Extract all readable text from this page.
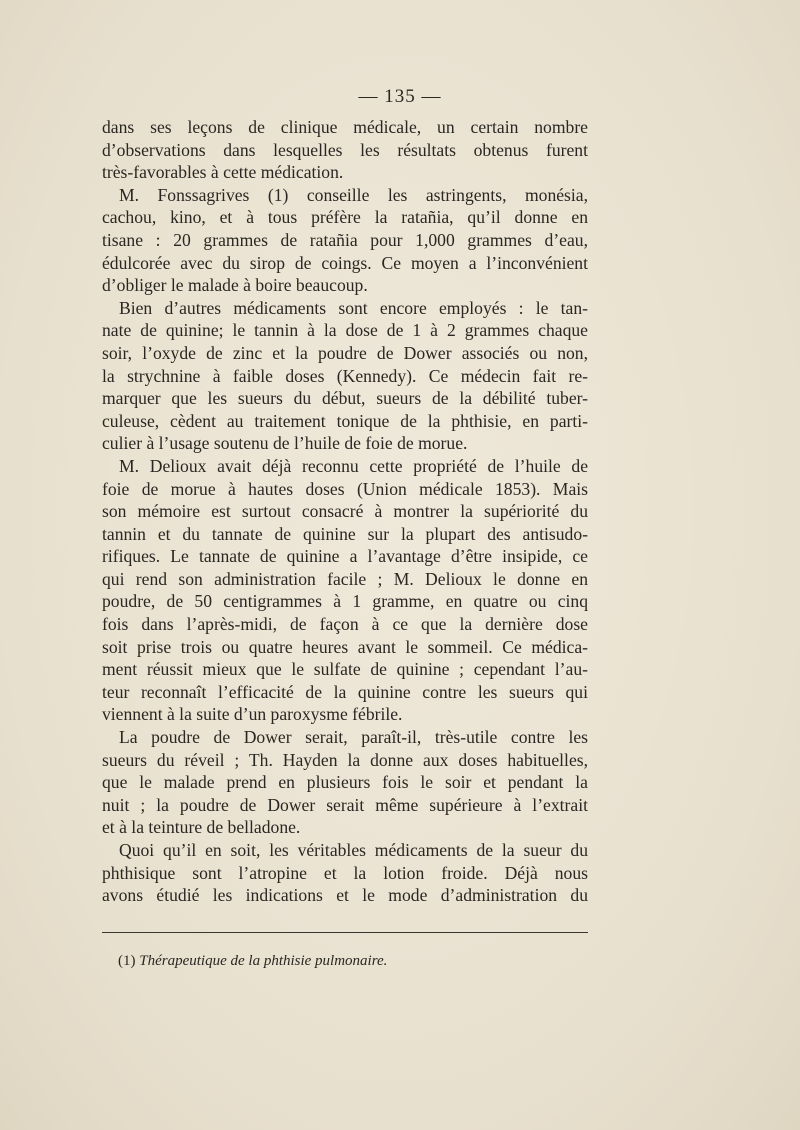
— 135 —
dans ses leçons de clinique médicale, un certain nombre
d’observations dans lesquelles les résultats obtenus furent
très-favorables à cette médication.
M. Fonssagrives (1) conseille les astringents, monésia,
cachou, kino, et à tous préfère la ratañia, qu’il donne en
tisane : 20 grammes de ratañia pour 1,000 grammes d’eau,
édulcorée avec du sirop de coings. Ce moyen a l’inconvénient
d’obliger le malade à boire beaucoup.
Bien d’autres médicaments sont encore employés : le tan-
nate de quinine; le tannin à la dose de 1 à 2 grammes chaque
soir, l’oxyde de zinc et la poudre de Dower associés ou non,
la strychnine à faible doses (Kennedy). Ce médecin fait re-
marquer que les sueurs du début, sueurs de la débilité tuber-
culeuse, cèdent au traitement tonique de la phthisie, en parti-
culier à l’usage soutenu de l’huile de foie de morue.
M. Delioux avait déjà reconnu cette propriété de l’huile de
foie de morue à hautes doses (Union médicale 1853). Mais
son mémoire est surtout consacré à montrer la supériorité du
tannin et du tannate de quinine sur la plupart des antisudo-
rifiques. Le tannate de quinine a l’avantage d’être insipide, ce
qui rend son administration facile ; M. Delioux le donne en
poudre, de 50 centigrammes à 1 gramme, en quatre ou cinq
fois dans l’après-midi, de façon à ce que la dernière dose
soit prise trois ou quatre heures avant le sommeil. Ce médica-
ment réussit mieux que le sulfate de quinine ; cependant l’au-
teur reconnaît l’efficacité de la quinine contre les sueurs qui
viennent à la suite d’un paroxysme fébrile.
La poudre de Dower serait, paraît-il, très-utile contre les
sueurs du réveil ; Th. Hayden la donne aux doses habituelles,
que le malade prend en plusieurs fois le soir et pendant la
nuit ; la poudre de Dower serait même supérieure à l’extrait
et à la teinture de belladone.
Quoi qu’il en soit, les véritables médicaments de la sueur du
phthisique sont l’atropine et la lotion froide. Déjà nous
avons étudié les indications et le mode d’administration du
(1) Thérapeutique de la phthisie pulmonaire.
